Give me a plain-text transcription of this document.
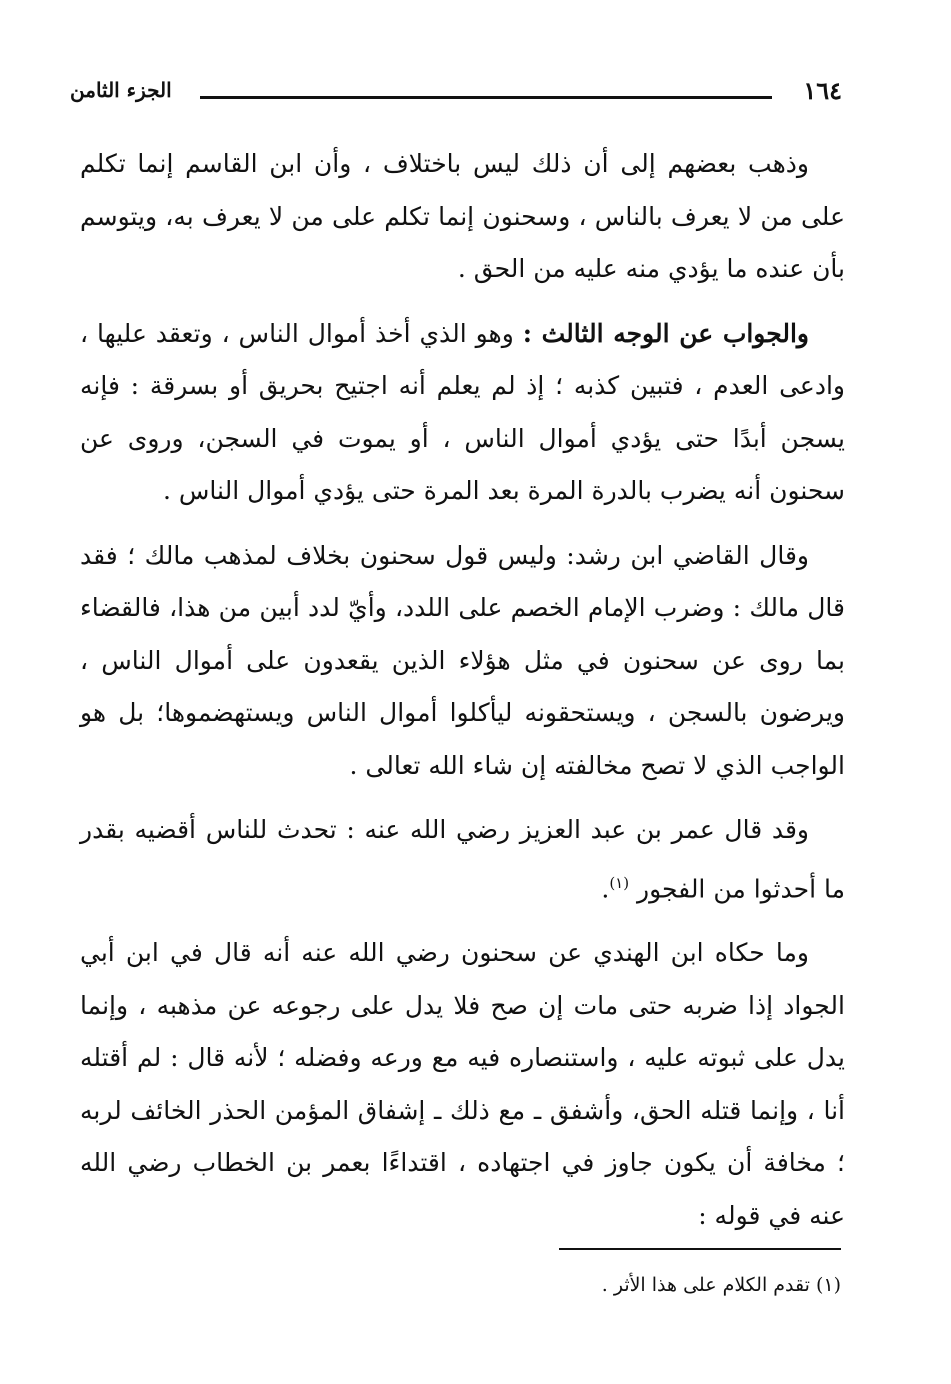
١٦٤
الجزء الثامن

وذهب بعضهم إلى أن ذلك ليس باختلاف ، وأن ابن القاسم إنما تكلم على من لا يعرف بالناس ، وسحنون إنما تكلم على من لا يعرف به، ويتوسم بأن عنده ما يؤدي منه عليه من الحق .

والجواب عن الوجه الثالث : وهو الذي أخذ أموال الناس ، وتعقد عليها ، وادعى العدم ، فتبين كذبه ؛ إذ لم يعلم أنه اجتيح بحريق أو بسرقة : فإنه يسجن أبدًا حتى يؤدي أموال الناس ، أو يموت في السجن، وروى عن سحنون أنه يضرب بالدرة المرة بعد المرة حتى يؤدي أموال الناس .

وقال القاضي ابن رشد: وليس قول سحنون بخلاف لمذهب مالك ؛ فقد قال مالك : وضرب الإمام الخصم على اللدد، وأيّ لدد أبين من هذا، فالقضاء بما روى عن سحنون في مثل هؤلاء الذين يقعدون على أموال الناس ، ويرضون بالسجن ، ويستحقونه ليأكلوا أموال الناس ويستهضموها؛ بل هو الواجب الذي لا تصح مخالفته إن شاء الله تعالى .

وقد قال عمر بن عبد العزيز رضي الله عنه : تحدث للناس أقضيه بقدر ما أحدثوا من الفجور $^{(١)}$.

وما حكاه ابن الهندي عن سحنون رضي الله عنه أنه قال في ابن أبي الجواد إذا ضربه حتى مات إن صح فلا يدل على رجوعه عن مذهبه ، وإنما يدل على ثبوته عليه ، واستنصاره فيه مع ورعه وفضله ؛ لأنه قال : لم أقتله أنا ، وإنما قتله الحق، وأشفق ـ مع ذلك ـ إشفاق المؤمن الحذر الخائف لربه ؛ مخافة أن يكون جاوز في اجتهاده ، اقتداءًا بعمر بن الخطاب رضي الله عنه في قوله :

(١) تقدم الكلام على هذا الأثر .
